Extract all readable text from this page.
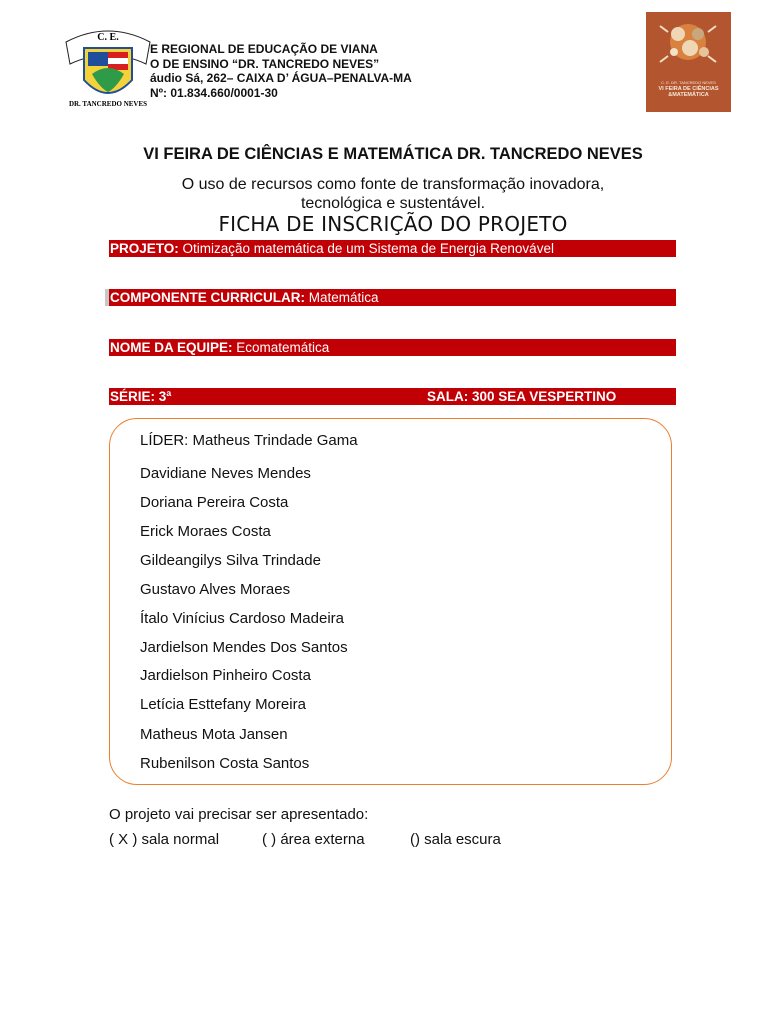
C. E.
DR. TANCREDO NEVES
E REGIONAL DE EDUCAÇÃO DE VIANA
O DE ENSINO “DR. TANCREDO NEVES”
áudio Sá, 262– CAIXA D’ ÁGUA–PENALVA-MA
Nº: 01.834.660/0001-30
C. E. DR. TANCREDO NEVES
VI FEIRA DE CIÊNCIAS
&MATEMÁTICA
VI FEIRA DE CIÊNCIAS E MATEMÁTICA DR. TANCREDO NEVES
O uso de recursos como fonte de transformação inovadora,
tecnológica e sustentável.
FICHA DE INSCRIÇÃO DO PROJETO
PROJETO: Otimização matemática de um Sistema de Energia Renovável
COMPONENTE CURRICULAR: Matemática
NOME DA EQUIPE: Ecomatemática
SÉRIE: 3ª	SALA: 300 SEA VESPERTINO
LÍDER: Matheus Trindade Gama
Davidiane Neves Mendes
Doriana Pereira Costa
Erick Moraes Costa
Gildeangilys Silva Trindade
Gustavo Alves Moraes
Ítalo Vinícius Cardoso Madeira
Jardielson Mendes Dos Santos
Jardielson Pinheiro Costa
Letícia Esttefany Moreira
Matheus Mota Jansen
Rubenilson Costa Santos
O projeto vai precisar ser apresentado:
( X ) sala normal	( ) área externa	() sala escura
